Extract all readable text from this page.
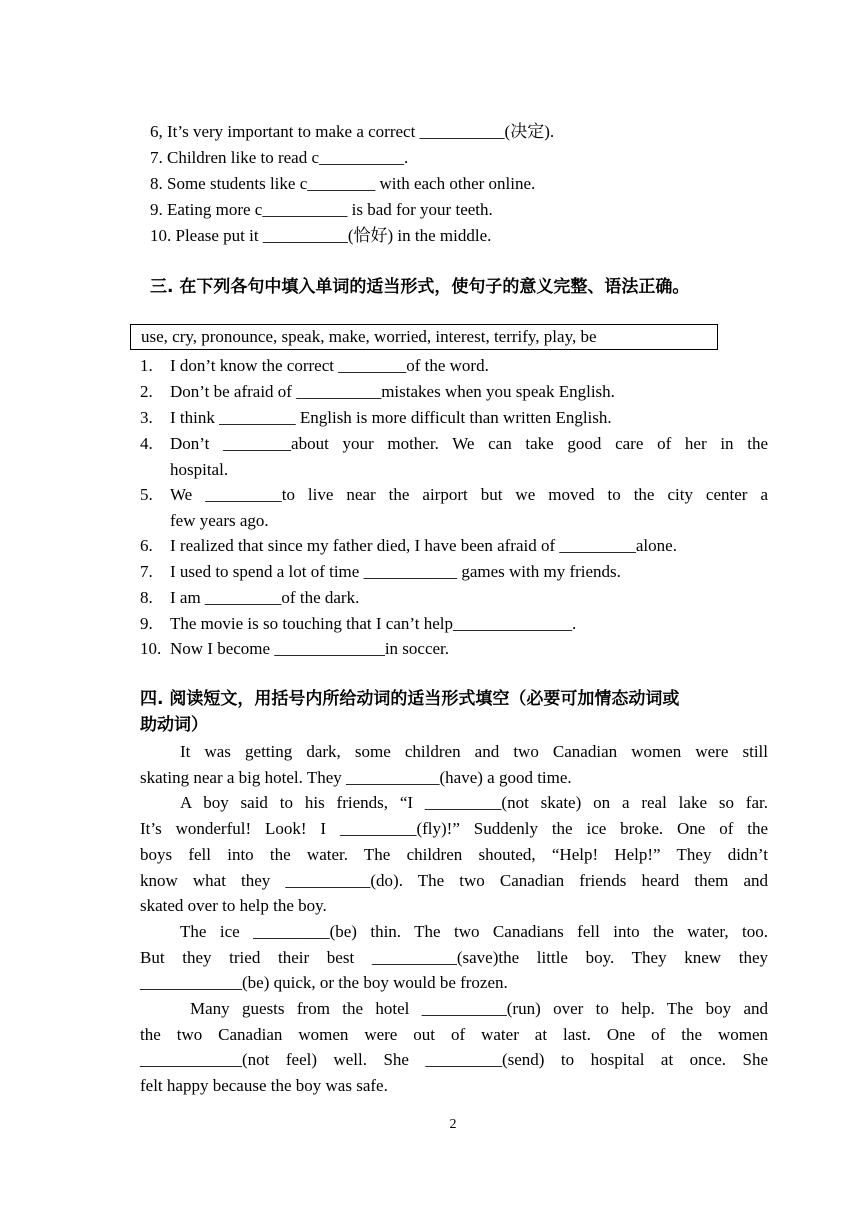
6, It’s very important to make a correct __________(决定).
7. Children like to read c__________.
8. Some students like c________ with each other online.
9. Eating more c__________ is bad for your teeth.
10. Please put it __________(恰好) in the middle.
三. 在下列各句中填入单词的适当形式，使句子的意义完整、语法正确。
use, cry, pronounce, speak, make, worried, interest, terrify, play, be
1. I don’t know the correct ________of the word.
2. Don’t be afraid of __________mistakes when you speak English.
3. I think _________ English is more difficult than written English.
4. Don’t ________about your mother. We can take good care of her in the
hospital.
5. We _________to live near the airport but we moved to the city center a
few years ago.
6. I realized that since my father died, I have been afraid of _________alone.
7. I used to spend a lot of time ___________ games with my friends.
8. I am _________of the dark.
9. The movie is so touching that I can’t help______________.
10. Now I become _____________in soccer.
四. 阅读短文，用括号内所给动词的适当形式填空（必要可加情态动词或
助动词）
It was getting dark, some children and two Canadian women were still
skating near a big hotel. They ___________(have) a good time.
A boy said to his friends, “I _________(not skate) on a real lake so far.
It’s wonderful! Look! I _________(fly)!” Suddenly the ice broke. One of the
boys fell into the water. The children shouted, “Help! Help!” They didn’t
know what they __________(do). The two Canadian friends heard them and
skated over to help the boy.
The ice _________(be) thin. The two Canadians fell into the water, too.
But they tried their best __________(save)the little boy. They knew they
____________(be) quick, or the boy would be frozen.
Many guests from the hotel __________(run) over to help. The boy and
the two Canadian women were out of water at last. One of the women
____________(not feel) well. She _________(send) to hospital at once. She
felt happy because the boy was safe.
2
